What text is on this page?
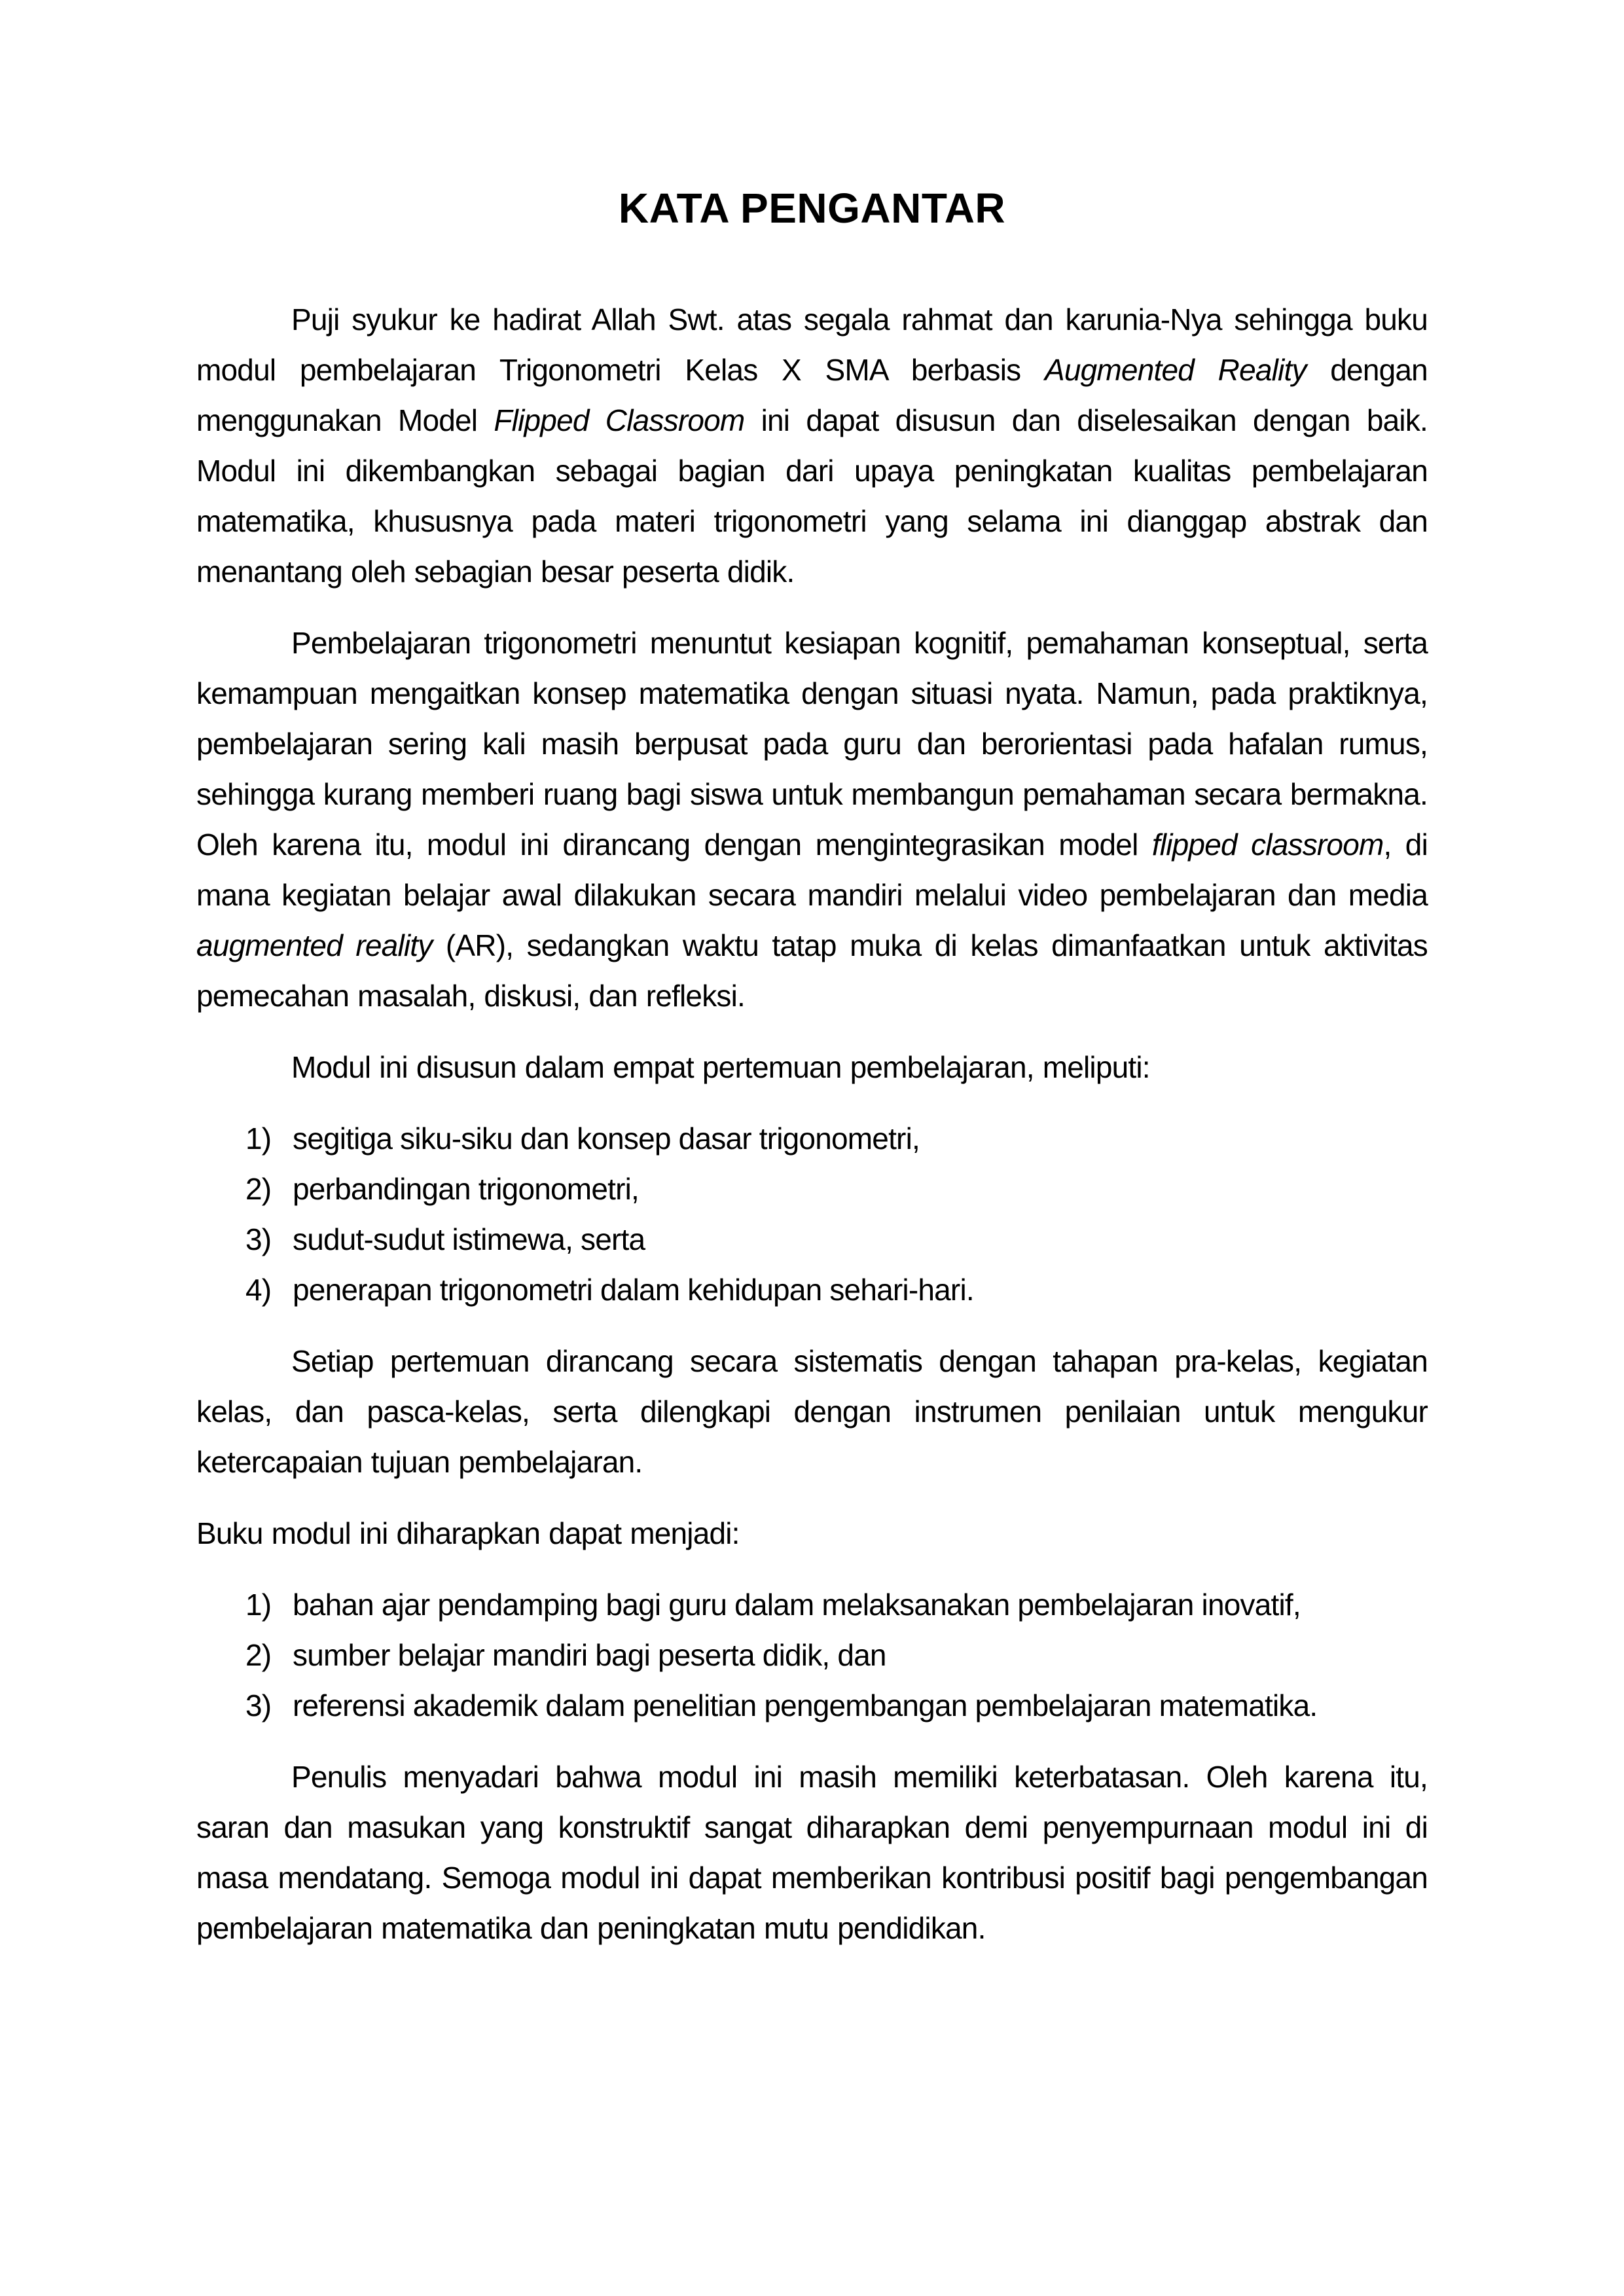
KATA PENGANTAR

Puji syukur ke hadirat Allah Swt. atas segala rahmat dan karunia-Nya sehingga buku modul pembelajaran Trigonometri Kelas X SMA berbasis Augmented Reality dengan menggunakan Model Flipped Classroom ini dapat disusun dan diselesaikan dengan baik. Modul ini dikembangkan sebagai bagian dari upaya peningkatan kualitas pembelajaran matematika, khususnya pada materi trigonometri yang selama ini dianggap abstrak dan menantang oleh sebagian besar peserta didik.

Pembelajaran trigonometri menuntut kesiapan kognitif, pemahaman konseptual, serta kemampuan mengaitkan konsep matematika dengan situasi nyata. Namun, pada praktiknya, pembelajaran sering kali masih berpusat pada guru dan berorientasi pada hafalan rumus, sehingga kurang memberi ruang bagi siswa untuk membangun pemahaman secara bermakna. Oleh karena itu, modul ini dirancang dengan mengintegrasikan model flipped classroom, di mana kegiatan belajar awal dilakukan secara mandiri melalui video pembelajaran dan media augmented reality (AR), sedangkan waktu tatap muka di kelas dimanfaatkan untuk aktivitas pemecahan masalah, diskusi, dan refleksi.

Modul ini disusun dalam empat pertemuan pembelajaran, meliputi:

1) segitiga siku-siku dan konsep dasar trigonometri,
2) perbandingan trigonometri,
3) sudut-sudut istimewa, serta
4) penerapan trigonometri dalam kehidupan sehari-hari.

Setiap pertemuan dirancang secara sistematis dengan tahapan pra-kelas, kegiatan kelas, dan pasca-kelas, serta dilengkapi dengan instrumen penilaian untuk mengukur ketercapaian tujuan pembelajaran.

Buku modul ini diharapkan dapat menjadi:

1) bahan ajar pendamping bagi guru dalam melaksanakan pembelajaran inovatif,
2) sumber belajar mandiri bagi peserta didik, dan
3) referensi akademik dalam penelitian pengembangan pembelajaran matematika.

Penulis menyadari bahwa modul ini masih memiliki keterbatasan. Oleh karena itu, saran dan masukan yang konstruktif sangat diharapkan demi penyempurnaan modul ini di masa mendatang. Semoga modul ini dapat memberikan kontribusi positif bagi pengembangan pembelajaran matematika dan peningkatan mutu pendidikan.
